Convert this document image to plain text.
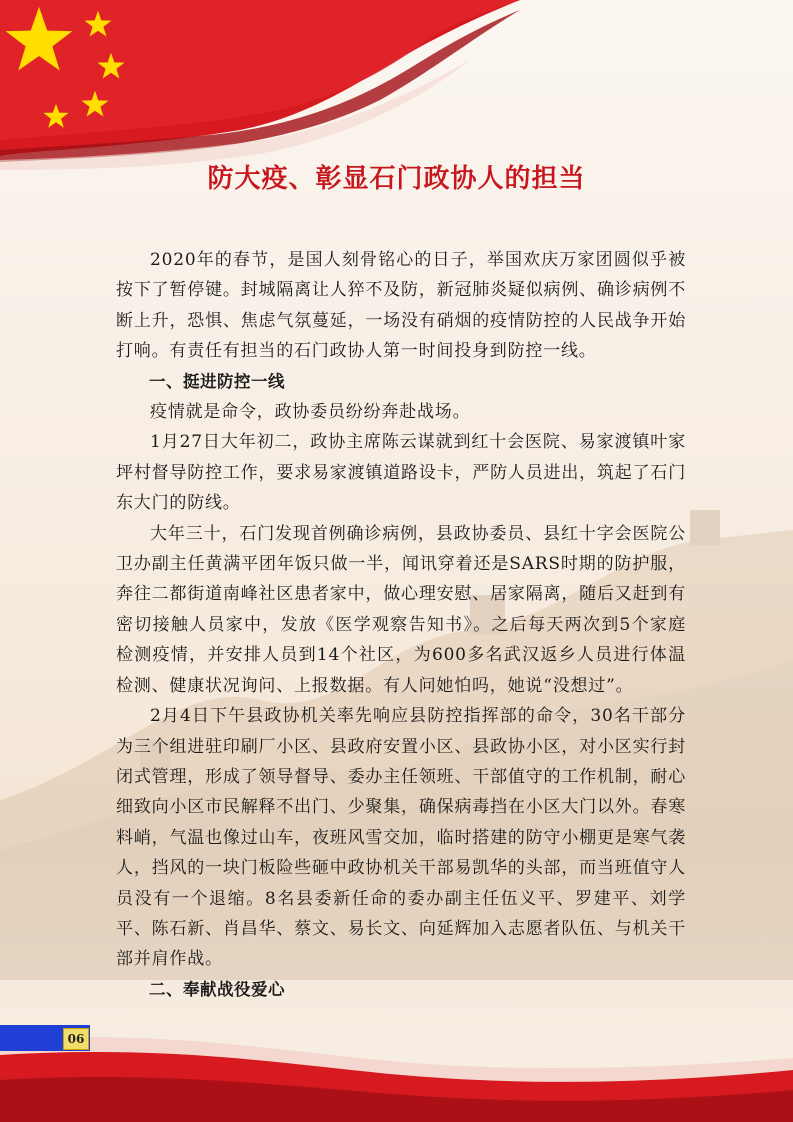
防大疫、彰显石门政协人的担当

2020年的春节，是国人刻骨铭心的日子，举国欢庆万家团圆似乎被按下了暂停键。封城隔离让人猝不及防，新冠肺炎疑似病例、确诊病例不断上升，恐惧、焦虑气氛蔓延，一场没有硝烟的疫情防控的人民战争开始打响。有责任有担当的石门政协人第一时间投身到防控一线。

一、挺进防控一线

疫情就是命令，政协委员纷纷奔赴战场。

1月27日大年初二，政协主席陈云谋就到红十会医院、易家渡镇叶家坪村督导防控工作，要求易家渡镇道路设卡，严防人员进出，筑起了石门东大门的防线。

大年三十，石门发现首例确诊病例，县政协委员、县红十字会医院公卫办副主任黄满平团年饭只做一半，闻讯穿着还是SARS时期的防护服，奔往二都街道南峰社区患者家中，做心理安慰、居家隔离，随后又赶到有密切接触人员家中，发放《医学观察告知书》。之后每天两次到5个家庭检测疫情，并安排人员到14个社区，为600多名武汉返乡人员进行体温检测、健康状况询问、上报数据。有人问她怕吗，她说“没想过”。

2月4日下午县政协机关率先响应县防控指挥部的命令，30名干部分为三个组进驻印刷厂小区、县政府安置小区、县政协小区，对小区实行封闭式管理，形成了领导督导、委办主任领班、干部值守的工作机制，耐心细致向小区市民解释不出门、少聚集，确保病毒挡在小区大门以外。春寒料峭，气温也像过山车，夜班风雪交加，临时搭建的防守小棚更是寒气袭人，挡风的一块门板险些砸中政协机关干部易凯华的头部，而当班值守人员没有一个退缩。8名县委新任命的委办副主任伍义平、罗建平、刘学平、陈石新、肖昌华、蔡文、易长文、向延辉加入志愿者队伍、与机关干部并肩作战。

二、奉献战役爱心

06
